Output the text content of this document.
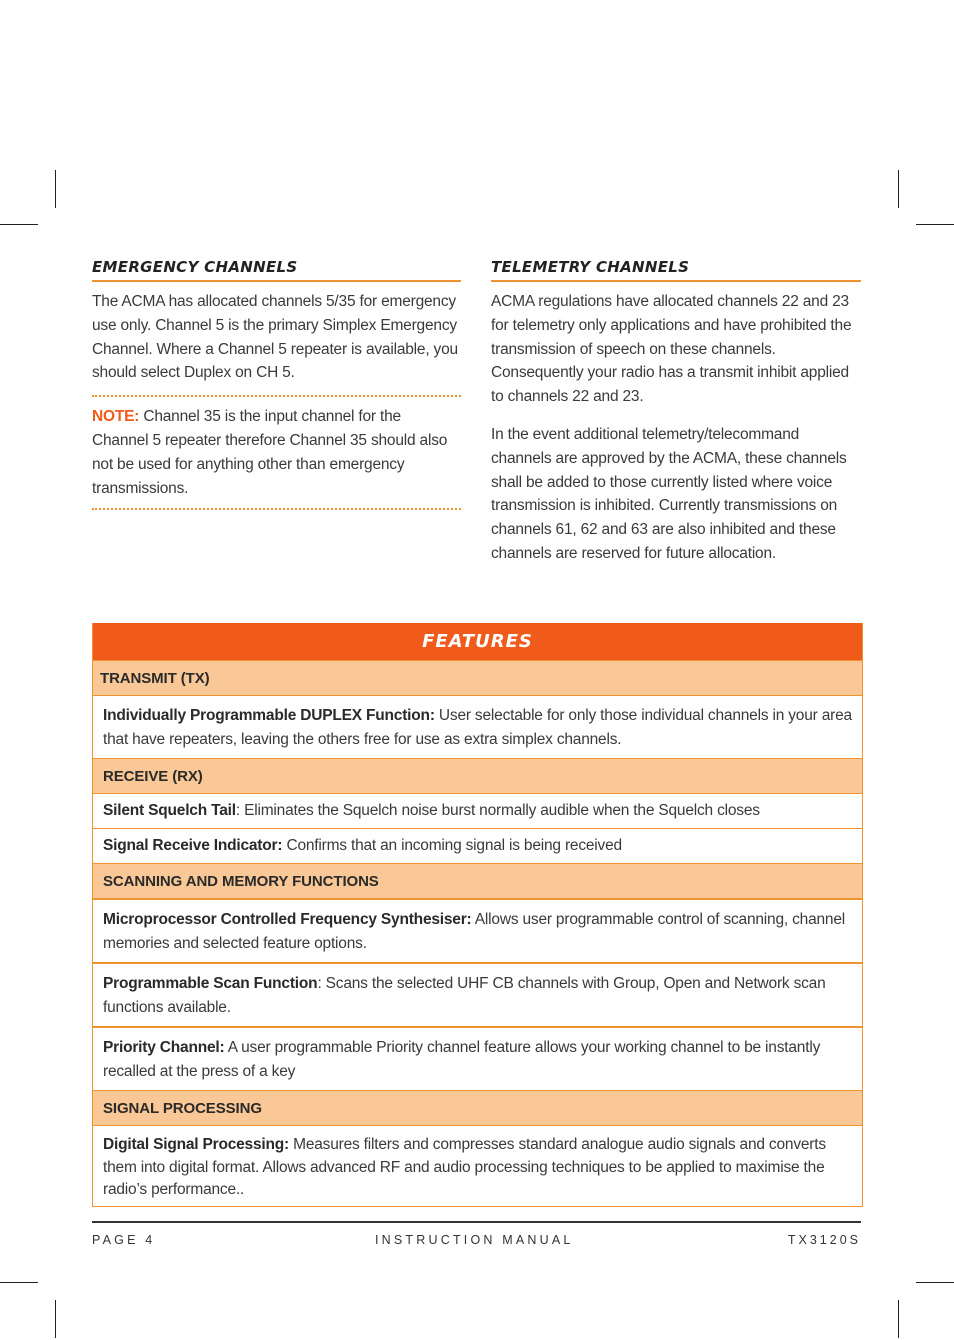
EMERGENCY CHANNELS

The ACMA has allocated channels 5/35 for emergency use only. Channel 5 is the primary Simplex Emergency Channel. Where a Channel 5 repeater is available, you should select Duplex on CH 5.

NOTE: Channel 35 is the input channel for the Channel 5 repeater therefore Channel 35 should also not be used for anything other than emergency transmissions.

TELEMETRY CHANNELS

ACMA regulations have allocated channels 22 and 23 for telemetry only applications and have prohibited the transmission of speech on these channels. Consequently your radio has a transmit inhibit applied to channels 22 and 23.

In the event additional telemetry/telecommand channels are approved by the ACMA, these channels shall be added to those currently listed where voice transmission is inhibited. Currently transmissions on channels 61, 62 and 63 are also inhibited and these channels are reserved for future allocation.

FEATURES
TRANSMIT (TX)
Individually Programmable DUPLEX Function: User selectable for only those individual channels in your area that have repeaters, leaving the others free for use as extra simplex channels.
RECEIVE (RX)
Silent Squelch Tail: Eliminates the Squelch noise burst normally audible when the Squelch closes
Signal Receive Indicator: Confirms that an incoming signal is being received
SCANNING AND MEMORY FUNCTIONS
Microprocessor Controlled Frequency Synthesiser: Allows user programmable control of scanning, channel memories and selected feature options.
Programmable Scan Function: Scans the selected UHF CB channels with Group, Open and Network scan functions available.
Priority Channel: A user programmable Priority channel feature allows your working channel to be instantly recalled at the press of a key
SIGNAL PROCESSING
Digital Signal Processing: Measures filters and compresses standard analogue audio signals and converts them into digital format. Allows advanced RF and audio processing techniques to be applied to maximise the radio’s performance..
PAGE 4	INSTRUCTION MANUAL	TX3120S
